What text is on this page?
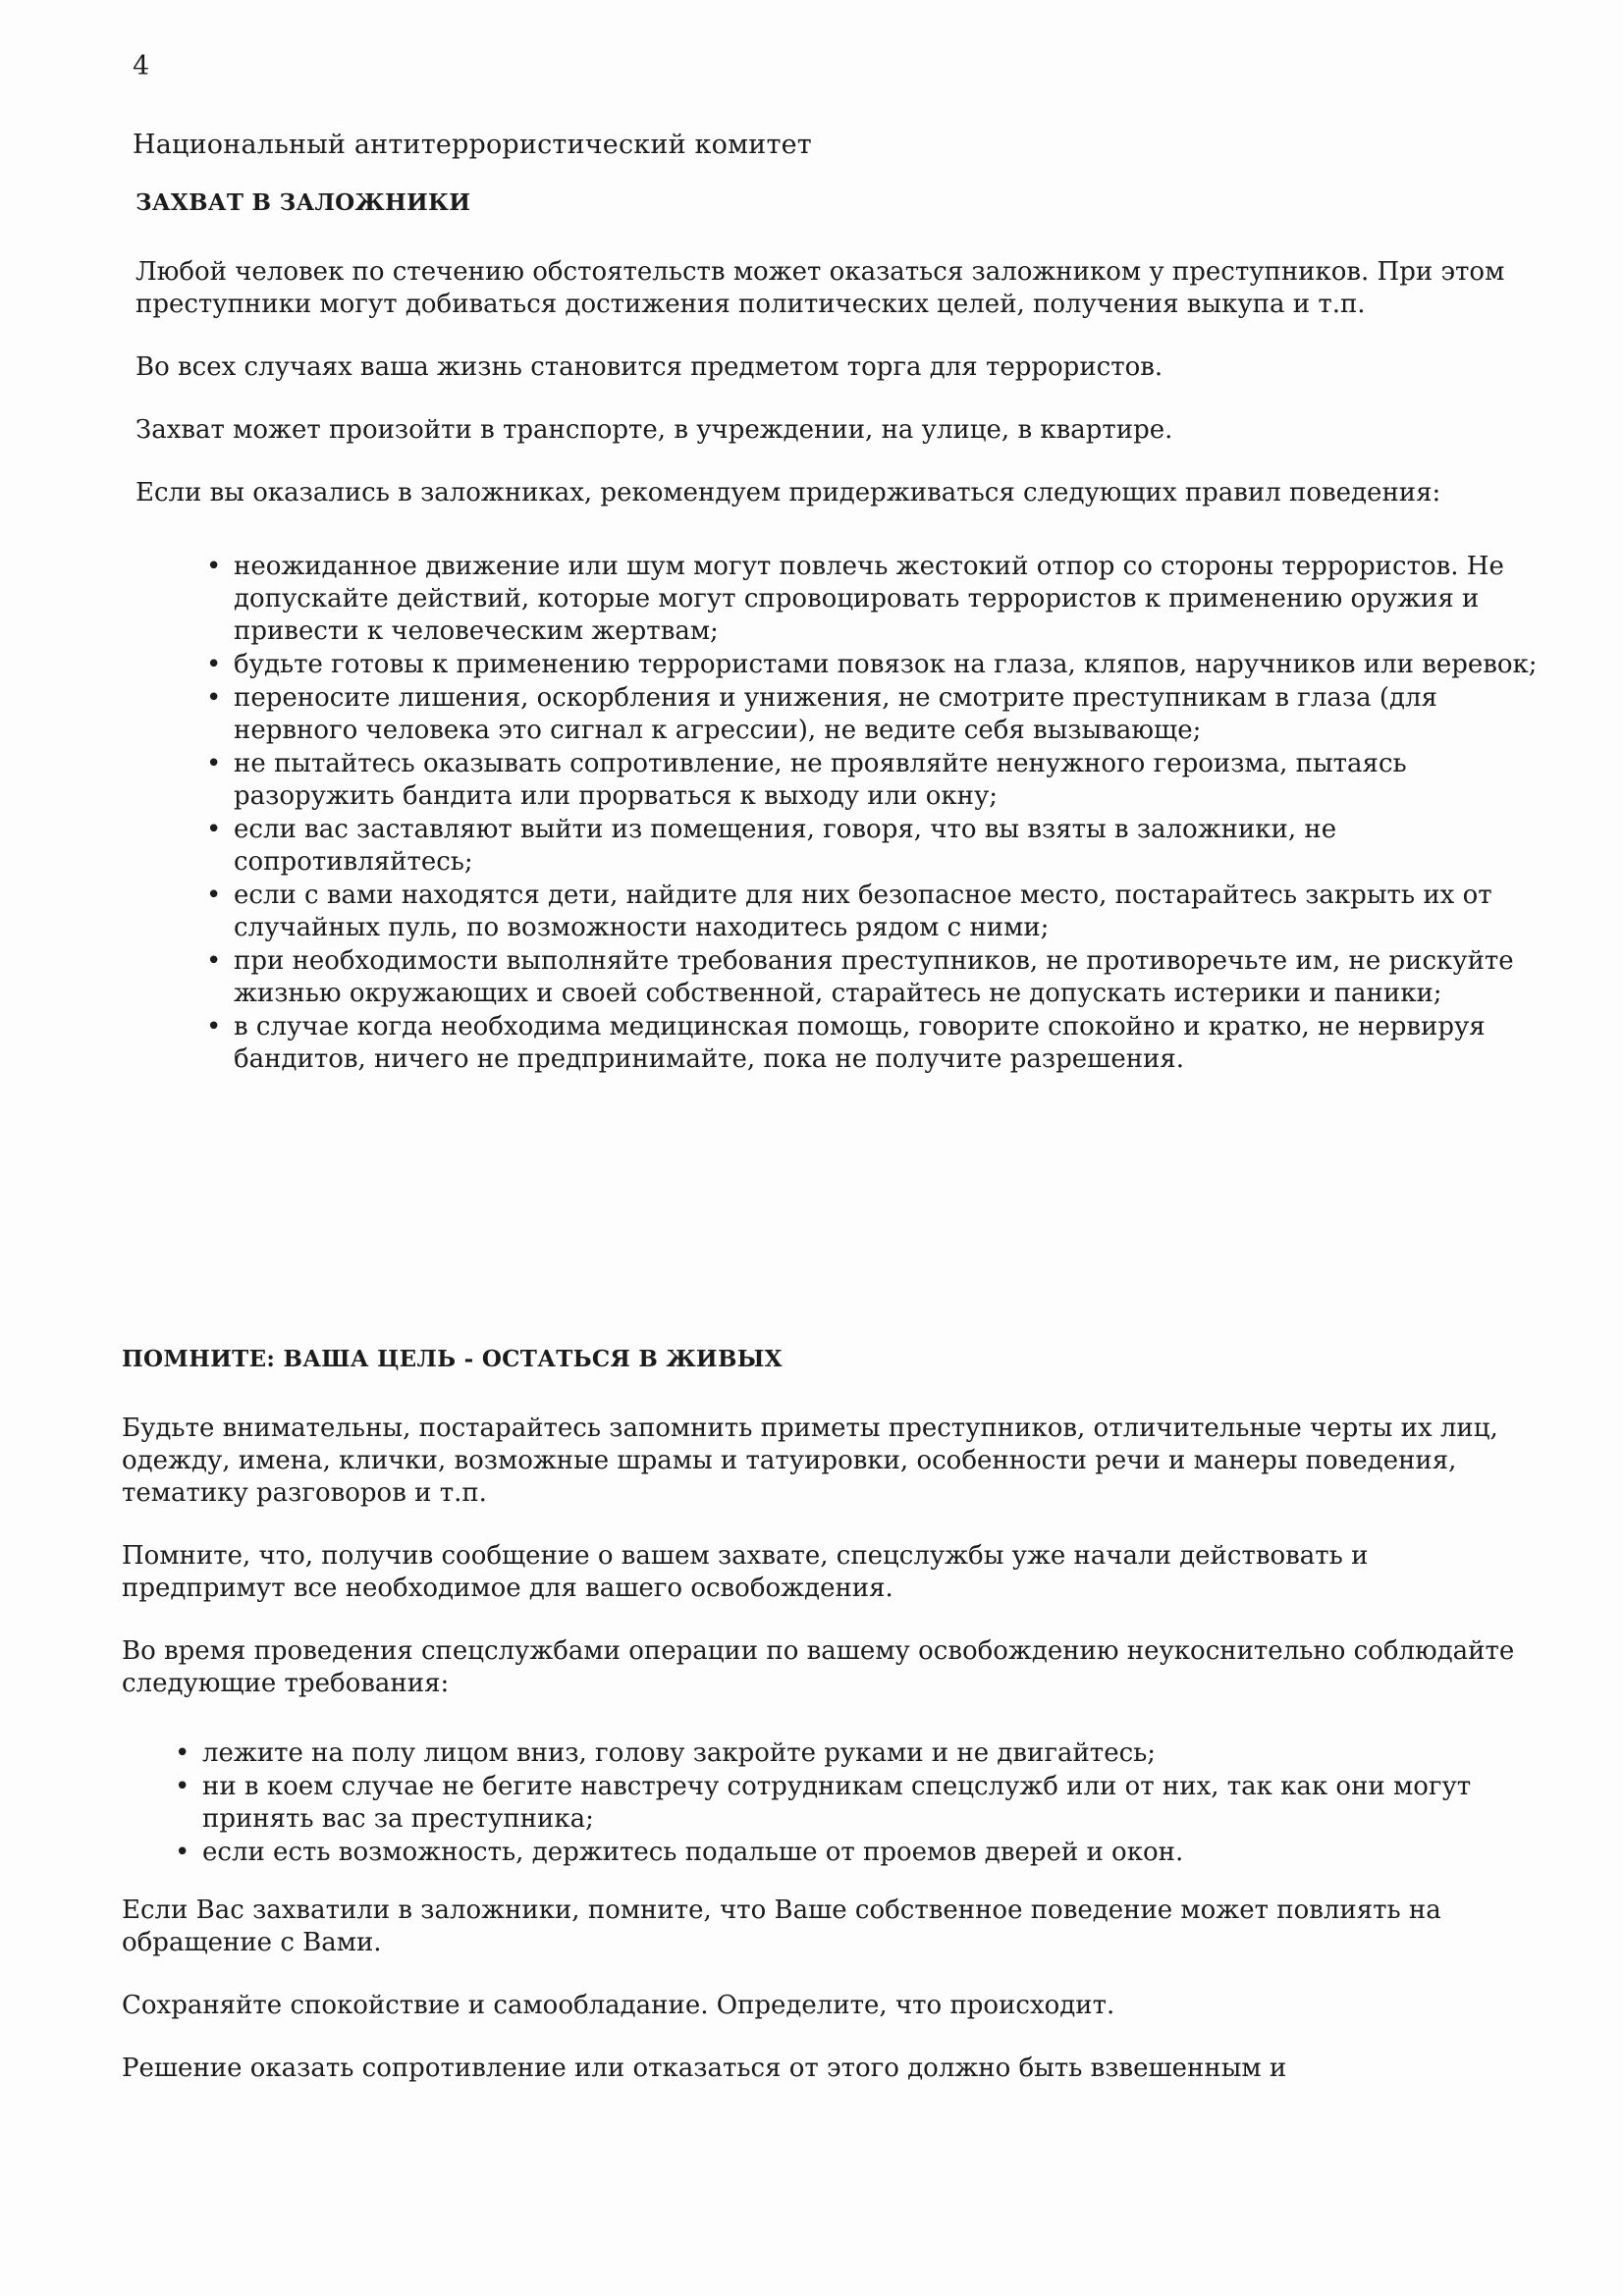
4
Национальный антитеррористический комитет
ЗАХВАТ В ЗАЛОЖНИКИ

Любой человек по стечению обстоятельств может оказаться заложником у преступников. При этом преступники могут добиваться достижения политических целей, получения выкупа и т.п.

Во всех случаях ваша жизнь становится предметом торга для террористов.

Захват может произойти в транспорте, в учреждении, на улице, в квартире.

Если вы оказались в заложниках, рекомендуем придерживаться следующих правил поведения:

• неожиданное движение или шум могут повлечь жестокий отпор со стороны террористов. Не допускайте действий, которые могут спровоцировать террористов к применению оружия и привести к человеческим жертвам;
• будьте готовы к применению террористами повязок на глаза, кляпов, наручников или веревок;
• переносите лишения, оскорбления и унижения, не смотрите преступникам в глаза (для нервного человека это сигнал к агрессии), не ведите себя вызывающе;
• не пытайтесь оказывать сопротивление, не проявляйте ненужного героизма, пытаясь разоружить бандита или прорваться к выходу или окну;
• если вас заставляют выйти из помещения, говоря, что вы взяты в заложники, не сопротивляйтесь;
• если с вами находятся дети, найдите для них безопасное место, постарайтесь закрыть их от случайных пуль, по возможности находитесь рядом с ними;
• при необходимости выполняйте требования преступников, не противоречьте им, не рискуйте жизнью окружающих и своей собственной, старайтесь не допускать истерики и паники;
• в случае когда необходима медицинская помощь, говорите спокойно и кратко, не нервируя бандитов, ничего не предпринимайте, пока не получите разрешения.
ПОМНИТЕ: ВАША ЦЕЛЬ - ОСТАТЬСЯ В ЖИВЫХ

Будьте внимательны, постарайтесь запомнить приметы преступников, отличительные черты их лиц, одежду, имена, клички, возможные шрамы и татуировки, особенности речи и манеры поведения, тематику разговоров и т.п.

Помните, что, получив сообщение о вашем захвате, спецслужбы уже начали действовать и предпримут все необходимое для вашего освобождения.

Во время проведения спецслужбами операции по вашему освобождению неукоснительно соблюдайте следующие требования:

• лежите на полу лицом вниз, голову закройте руками и не двигайтесь;
• ни в коем случае не бегите навстречу сотрудникам спецслужб или от них, так как они могут принять вас за преступника;
• если есть возможность, держитесь подальше от проемов дверей и окон.

Если Вас захватили в заложники, помните, что Ваше собственное поведение может повлиять на обращение с Вами.

Сохраняйте спокойствие и самообладание. Определите, что происходит.

Решение оказать сопротивление или отказаться от этого должно быть взвешенным и
